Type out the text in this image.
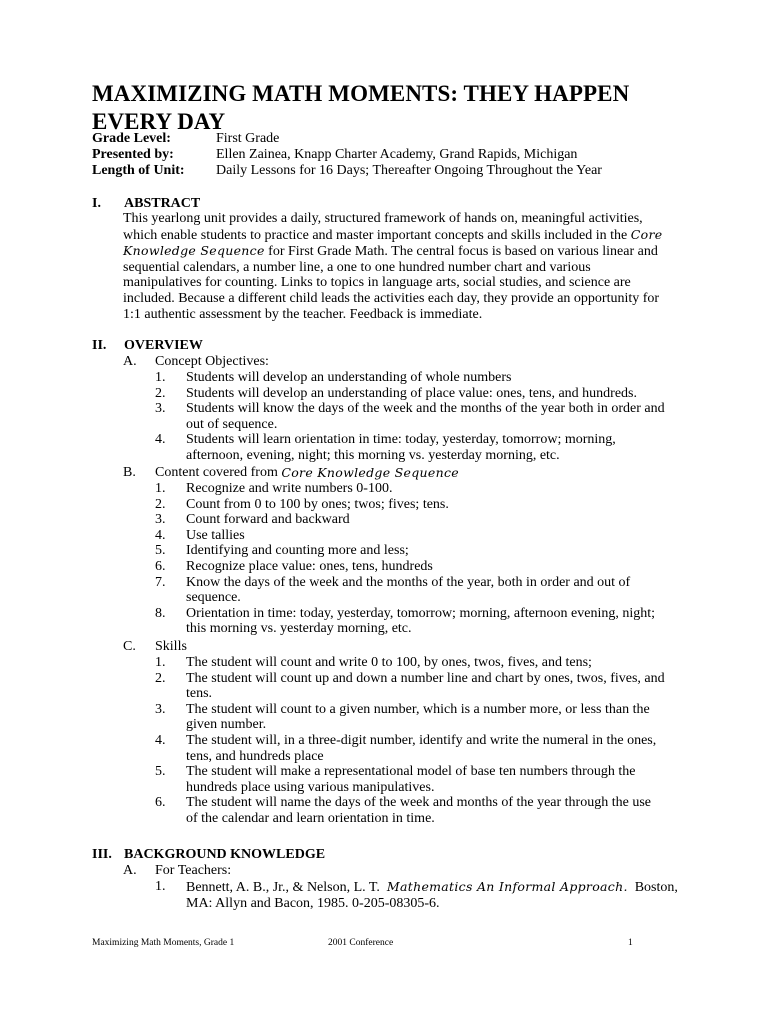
MAXIMIZING MATH MOMENTS: THEY HAPPEN EVERY DAY
Grade Level:	First Grade
Presented by:	Ellen Zainea, Knapp Charter Academy, Grand Rapids, Michigan
Length of Unit:	Daily Lessons for 16 Days; Thereafter Ongoing Throughout the Year
I.	ABSTRACT
This yearlong unit provides a daily, structured framework of hands on, meaningful activities, which enable students to practice and master important concepts and skills included in the Core Knowledge Sequence for First Grade Math. The central focus is based on various linear and sequential calendars, a number line, a one to one hundred number chart and various manipulatives for counting. Links to topics in language arts, social studies, and science are included. Because a different child leads the activities each day, they provide an opportunity for 1:1 authentic assessment by the teacher. Feedback is immediate.
II.	OVERVIEW
A.	Concept Objectives:
1.	Students will develop an understanding of whole numbers
2.	Students will develop an understanding of place value: ones, tens, and hundreds.
3.	Students will know the days of the week and the months of the year both in order and out of sequence.
4.	Students will learn orientation in time: today, yesterday, tomorrow; morning, afternoon, evening, night; this morning vs. yesterday morning, etc.
B.	Content covered from
Core Knowledge Sequence
1.	Recognize and write numbers 0-100.
2.	Count from 0 to 100 by ones; twos; fives; tens.
3.	Count forward and backward
4.	Use tallies
5.	Identifying and counting more and less;
6.	Recognize place value: ones, tens, hundreds
7.	Know the days of the week and the months of the year, both in order and out of sequence.
8.	Orientation in time: today, yesterday, tomorrow; morning, afternoon evening, night; this morning vs. yesterday morning, etc.
C.	Skills
1.	The student will count and write 0 to 100, by ones, twos, fives, and tens;
2.	The student will count up and down a number line and chart by ones, twos, fives, and tens.
3.	The student will count to a given number, which is a number more, or less than the given number.
4.	The student will, in a three-digit number, identify and write the numeral in the ones, tens, and hundreds place
5.	The student will make a representational model of base ten numbers through the hundreds place using various manipulatives.
6.	The student will name the days of the week and months of the year through the use of the calendar and learn orientation in time.
III. BACKGROUND KNOWLEDGE
A.	For Teachers:
1.	Bennett, A. B., Jr., & Nelson, L. T. Mathematics An Informal Approach. Boston, MA: Allyn and Bacon, 1985. 0-205-08305-6.
Maximizing Math Moments, Grade 1	2001 Conference	1
